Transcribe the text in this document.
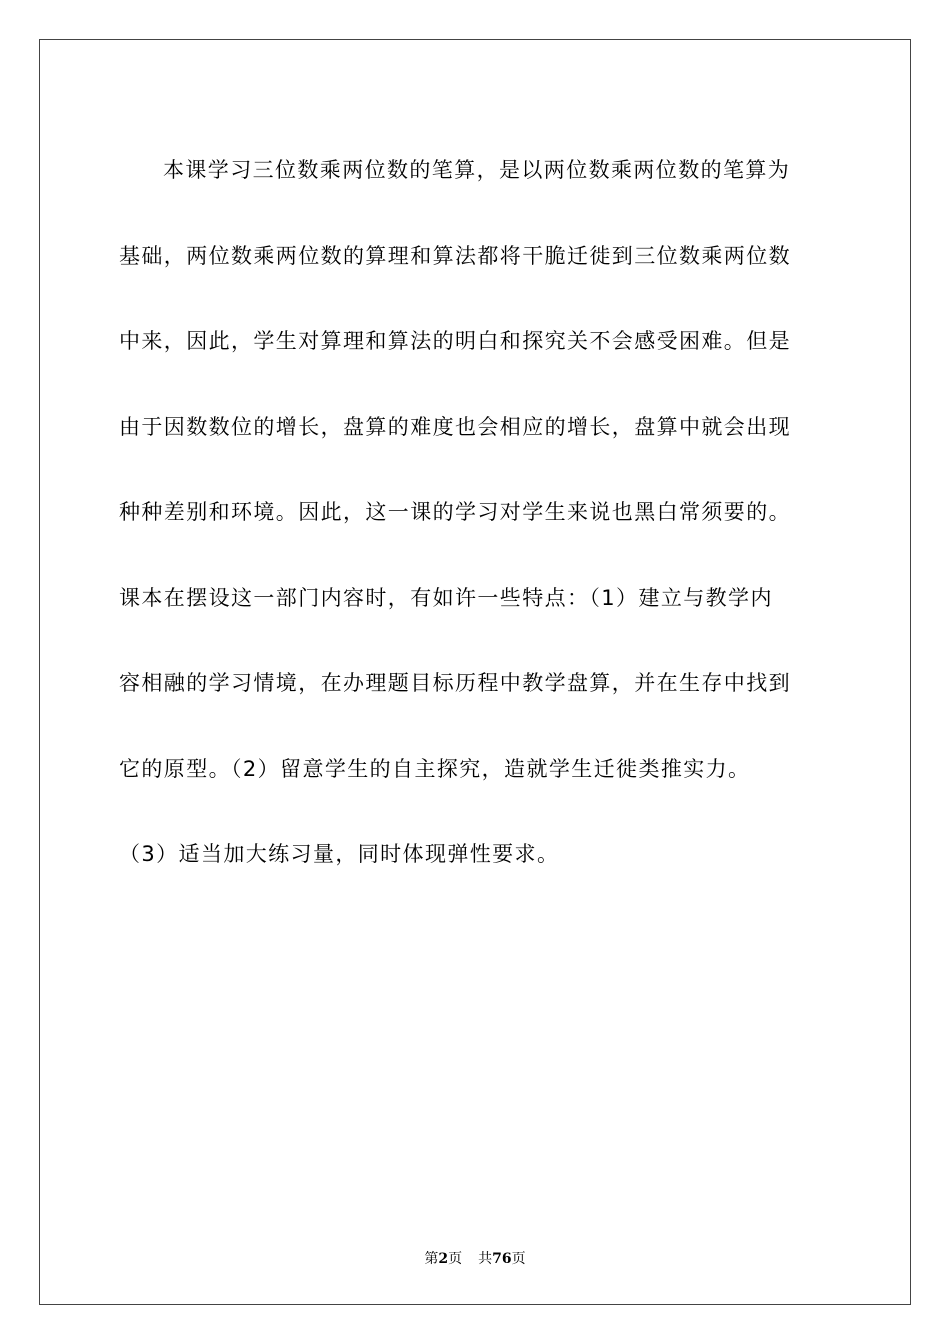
本课学习三位数乘两位数的笔算，是以两位数乘两位数的笔算为
基础，两位数乘两位数的算理和算法都将干脆迁徙到三位数乘两位数
中来，因此，学生对算理和算法的明白和探究关不会感受困难。但是
由于因数数位的增长，盘算的难度也会相应的增长，盘算中就会出现
种种差别和环境。因此，这一课的学习对学生来说也黑白常须要的。
课本在摆设这一部门内容时，有如许一些特点：（1）建立与教学内
容相融的学习情境，在办理题目标历程中教学盘算，并在生存中找到
它的原型。（2）留意学生的自主探究，造就学生迁徙类推实力。
（3）适当加大练习量，同时体现弹性要求。
第2页 共76页
